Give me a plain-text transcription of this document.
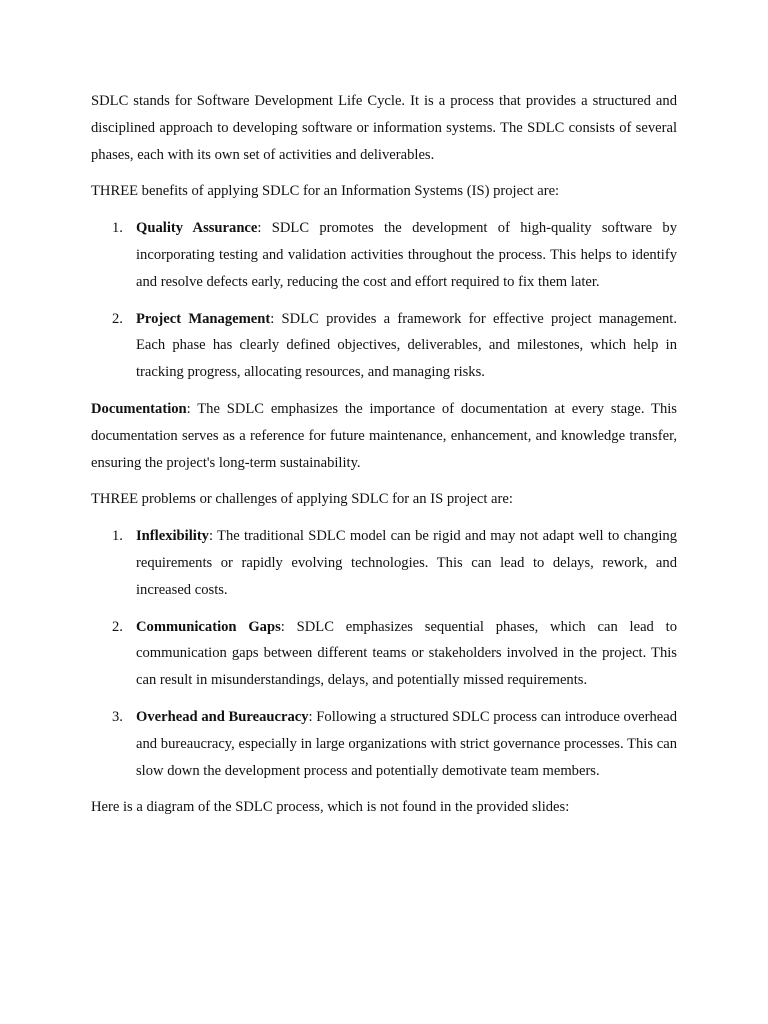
SDLC stands for Software Development Life Cycle. It is a process that provides a structured and disciplined approach to developing software or information systems. The SDLC consists of several phases, each with its own set of activities and deliverables.

THREE benefits of applying SDLC for an Information Systems (IS) project are:

1. Quality Assurance: SDLC promotes the development of high-quality software by incorporating testing and validation activities throughout the process. This helps to identify and resolve defects early, reducing the cost and effort required to fix them later.
2. Project Management: SDLC provides a framework for effective project management. Each phase has clearly defined objectives, deliverables, and milestones, which help in tracking progress, allocating resources, and managing risks.

Documentation: The SDLC emphasizes the importance of documentation at every stage. This documentation serves as a reference for future maintenance, enhancement, and knowledge transfer, ensuring the project's long-term sustainability.

THREE problems or challenges of applying SDLC for an IS project are:

1. Inflexibility: The traditional SDLC model can be rigid and may not adapt well to changing requirements or rapidly evolving technologies. This can lead to delays, rework, and increased costs.
2. Communication Gaps: SDLC emphasizes sequential phases, which can lead to communication gaps between different teams or stakeholders involved in the project. This can result in misunderstandings, delays, and potentially missed requirements.
3. Overhead and Bureaucracy: Following a structured SDLC process can introduce overhead and bureaucracy, especially in large organizations with strict governance processes. This can slow down the development process and potentially demotivate team members.

Here is a diagram of the SDLC process, which is not found in the provided slides:
